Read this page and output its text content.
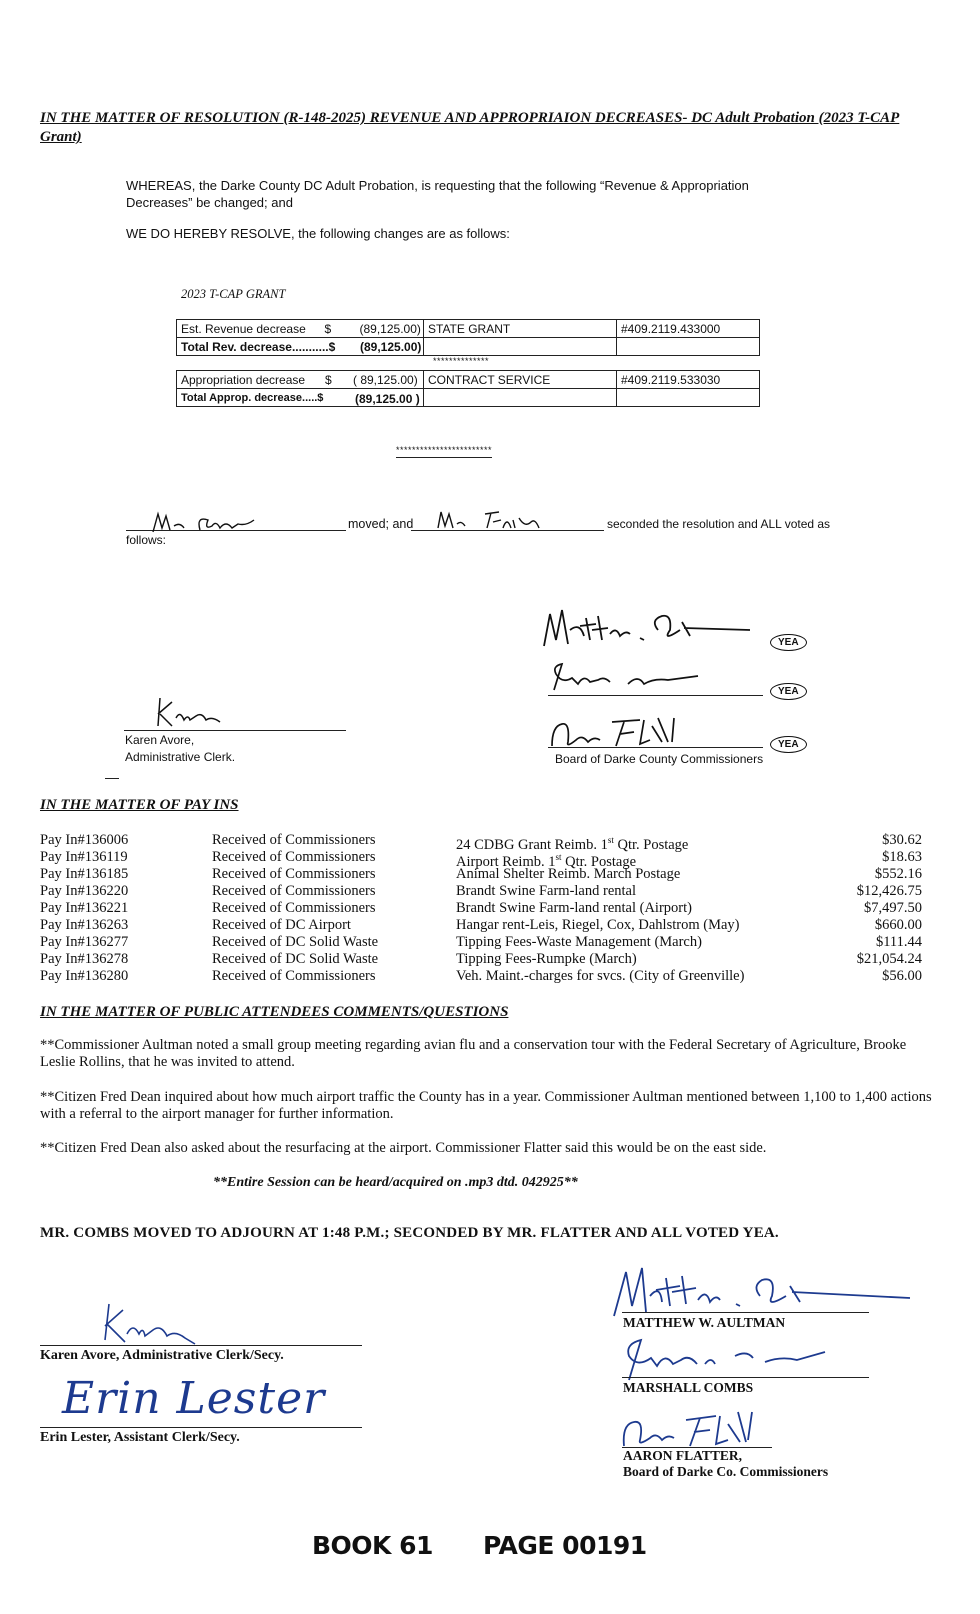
IN THE MATTER OF RESOLUTION (R-148-2025) REVENUE AND APPROPRIAION DECREASES- DC Adult Probation (2023 T-CAP Grant)
WHEREAS, the Darke County DC Adult Probation, is requesting that the following “Revenue & Appropriation Decreases” be changed; and
WE DO HEREBY RESOLVE, the following changes are as follows:
2023 T-CAP GRANT
Est. Revenue decrease $ (89,125.00)	STATE GRANT	#409.2119.433000
Total Rev. decrease...........$ (89,125.00)		

**************
Appropriation decrease $ ( 89,125.00)	CONTRACT SERVICE	#409.2119.533030
Total Approp. decrease.....$ (89,125.00 )		

************************
moved; and	seconded the resolution and ALL voted as
follows:
YEA
YEA
YEA
Board of Darke County Commissioners
Karen Avore,
Administrative Clerk.
IN THE MATTER OF PAY INS
Pay In#136006	Received of Commissioners	24 CDBG Grant Reimb. 1st Qtr. Postage	$30.62
Pay In#136119	Received of Commissioners	Airport Reimb. 1st Qtr. Postage	$18.63
Pay In#136185	Received of Commissioners	Animal Shelter Reimb. March Postage	$552.16
Pay In#136220	Received of Commissioners	Brandt Swine Farm-land rental	$12,426.75
Pay In#136221	Received of Commissioners	Brandt Swine Farm-land rental (Airport)	$7,497.50
Pay In#136263	Received of DC Airport	Hangar rent-Leis, Riegel, Cox, Dahlstrom (May)	$660.00
Pay In#136277	Received of DC Solid Waste	Tipping Fees-Waste Management (March)	$111.44
Pay In#136278	Received of DC Solid Waste	Tipping Fees-Rumpke (March)	$21,054.24
Pay In#136280	Received of Commissioners	Veh. Maint.-charges for svcs. (City of Greenville)	$56.00
IN THE MATTER OF PUBLIC ATTENDEES COMMENTS/QUESTIONS
**Commissioner Aultman noted a small group meeting regarding avian flu and a conservation tour with the Federal Secretary of Agriculture, Brooke Leslie Rollins, that he was invited to attend.
**Citizen Fred Dean inquired about how much airport traffic the County has in a year. Commissioner Aultman mentioned between 1,100 to 1,400 actions with a referral to the airport manager for further information.
**Citizen Fred Dean also asked about the resurfacing at the airport. Commissioner Flatter said this would be on the east side.
**Entire Session can be heard/acquired on .mp3 dtd. 042925**
MR. COMBS MOVED TO ADJOURN AT 1:48 P.M.; SECONDED BY MR. FLATTER AND ALL VOTED YEA.
Karen Avore, Administrative Clerk/Secy.
Erin Lester
Erin Lester, Assistant Clerk/Secy.
MATTHEW W. AULTMAN
MARSHALL COMBS
AARON FLATTER,
Board of Darke Co. Commissioners
BOOK 61 PAGE 00191
